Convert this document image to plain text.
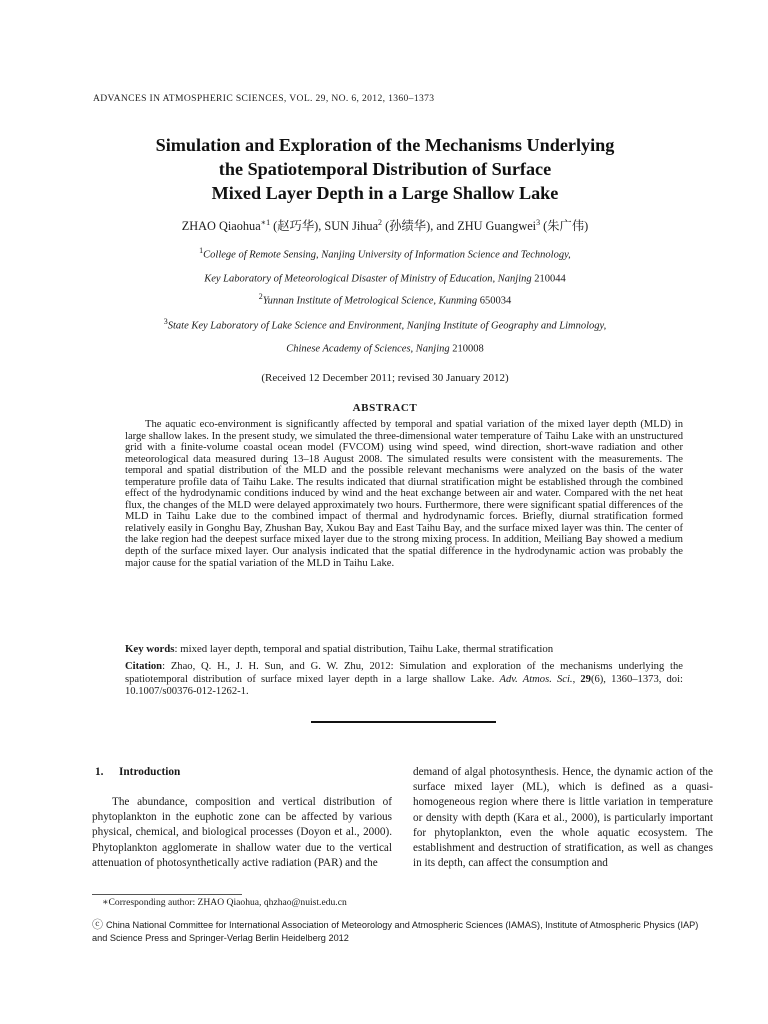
ADVANCES IN ATMOSPHERIC SCIENCES, VOL. 29, NO. 6, 2012, 1360–1373
Simulation and Exploration of the Mechanisms Underlying
the Spatiotemporal Distribution of Surface
Mixed Layer Depth in a Large Shallow Lake
ZHAO Qiaohua$^{∗1}$ (赵巧华), SUN Jihua$^2$ (孙绩华), and ZHU Guangwei$^3$ (朱广伟)
$^1$College of Remote Sensing, Nanjing University of Information Science and Technology,
Key Laboratory of Meteorological Disaster of Ministry of Education, Nanjing 210044
$^2$Yunnan Institute of Metrological Science, Kunming 650034
$^3$State Key Laboratory of Lake Science and Environment, Nanjing Institute of Geography and Limnology,
Chinese Academy of Sciences, Nanjing 210008
(Received 12 December 2011; revised 30 January 2012)
ABSTRACT
The aquatic eco-environment is significantly affected by temporal and spatial variation of the mixed layer depth (MLD) in large shallow lakes. In the present study, we simulated the three-dimensional water temperature of Taihu Lake with an unstructured grid with a finite-volume coastal ocean model (FVCOM) using wind speed, wind direction, short-wave radiation and other meteorological data measured during 13–18 August 2008. The simulated results were consistent with the measurements. The temporal and spatial distribution of the MLD and the possible relevant mechanisms were analyzed on the basis of the water temperature profile data of Taihu Lake. The results indicated that diurnal stratification might be established through the combined effect of the hydrodynamic conditions induced by wind and the heat exchange between air and water. Compared with the net heat flux, the changes of the MLD were delayed approximately two hours. Furthermore, there were significant spatial differences of the MLD in Taihu Lake due to the combined impact of thermal and hydrodynamic forces. Briefly, diurnal stratification formed relatively easily in Gonghu Bay, Zhushan Bay, Xukou Bay and East Taihu Bay, and the surface mixed layer was thin. The center of the lake region had the deepest surface mixed layer due to the strong mixing process. In addition, Meiliang Bay showed a medium depth of the surface mixed layer. Our analysis indicated that the spatial difference in the hydrodynamic action was probably the major cause for the spatial variation of the MLD in Taihu Lake.
Key words: mixed layer depth, temporal and spatial distribution, Taihu Lake, thermal stratification
Citation: Zhao, Q. H., J. H. Sun, and G. W. Zhu, 2012: Simulation and exploration of the mechanisms underlying the spatiotemporal distribution of surface mixed layer depth in a large shallow Lake. Adv. Atmos. Sci., 29(6), 1360–1373, doi: 10.1007/s00376-012-1262-1.
1. Introduction

The abundance, composition and vertical distribution of phytoplankton in the euphotic zone can be affected by various physical, chemical, and biological processes (Doyon et al., 2000). Phytoplankton agglomerate in shallow water due to the vertical attenuation of photosynthetically active radiation (PAR) and the

demand of algal photosynthesis. Hence, the dynamic action of the surface mixed layer (ML), which is defined as a quasi-homogeneous region where there is little variation in temperature or density with depth (Kara et al., 2000), is particularly important for phytoplankton, even the whole aquatic ecosystem. The establishment and destruction of stratification, as well as changes in its depth, can affect the consumption and

∗Corresponding author: ZHAO Qiaohua, qhzhao@nuist.edu.cn
ⓒ China National Committee for International Association of Meteorology and Atmospheric Sciences (IAMAS), Institute of Atmospheric Physics (IAP) and Science Press and Springer-Verlag Berlin Heidelberg 2012
